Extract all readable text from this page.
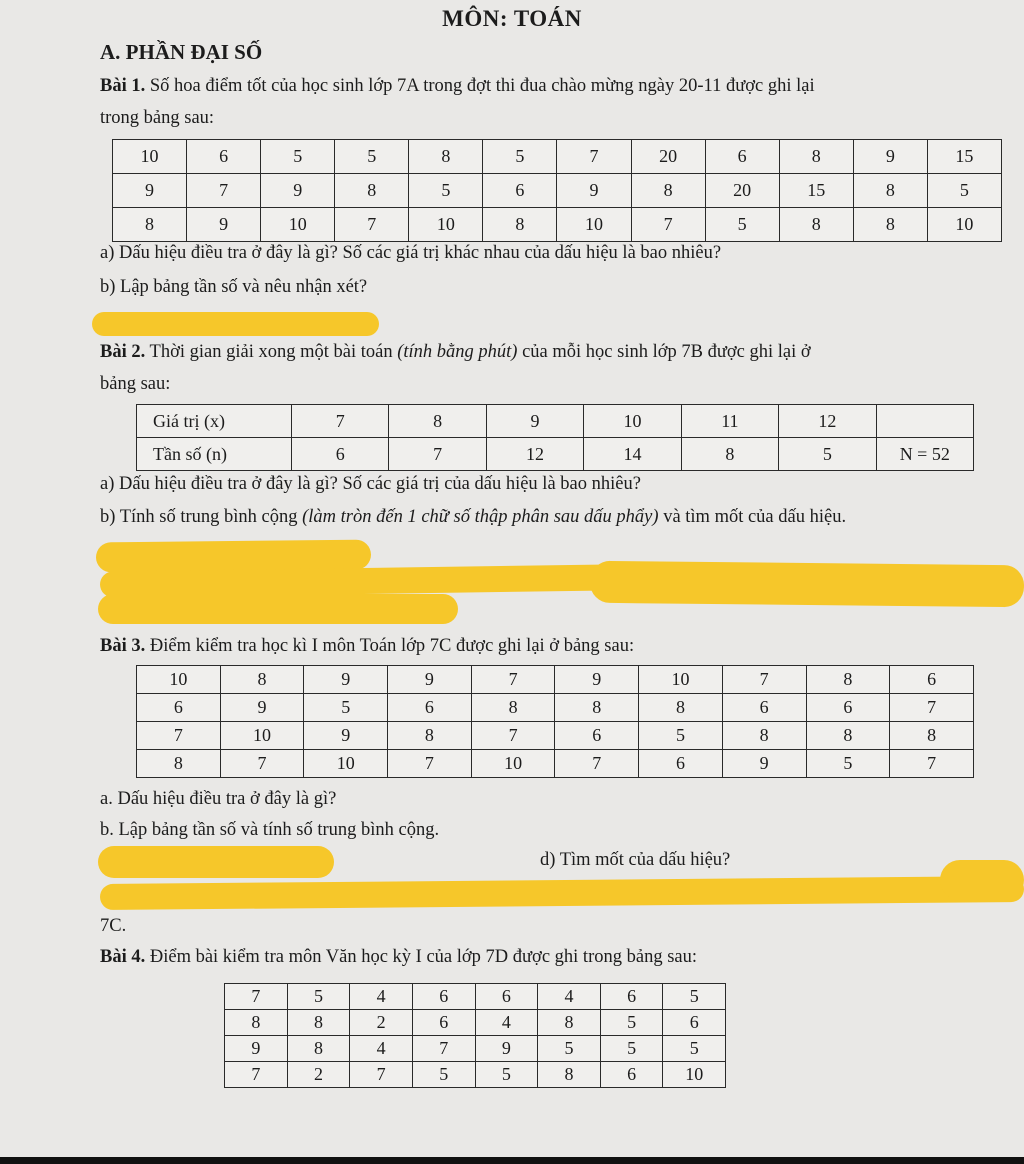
MÔN: TOÁN
A. PHẦN ĐẠI SỐ
Bài 1. Số hoa điểm tốt của học sinh lớp 7A trong đợt thi đua chào mừng ngày 20-11 được ghi lại
trong bảng sau:
10	6	5	5	8	5	7	20	6	8	9	15
9	7	9	8	5	6	9	8	20	15	8	5
8	9	10	7	10	8	10	7	5	8	8	10
a) Dấu hiệu điều tra ở đây là gì? Số các giá trị khác nhau của dấu hiệu là bao nhiêu?
b) Lập bảng tần số và nêu nhận xét?
Bài 2. Thời gian giải xong một bài toán (tính bằng phút) của mỗi học sinh lớp 7B được ghi lại ở
bảng sau:
Giá trị (x)	7	8	9	10	11	12	
Tần số (n)	6	7	12	14	8	5	N = 52
a) Dấu hiệu điều tra ở đây là gì? Số các giá trị của dấu hiệu là bao nhiêu?
b) Tính số trung bình cộng (làm tròn đến 1 chữ số thập phân sau dấu phẩy) và tìm mốt của dấu hiệu.
Bài 3. Điểm kiểm tra học kì I môn Toán lớp 7C được ghi lại ở bảng sau:
10	8	9	9	7	9	10	7	8	6
6	9	5	6	8	8	8	6	6	7
7	10	9	8	7	6	5	8	8	8
8	7	10	7	10	7	6	9	5	7
a. Dấu hiệu điều tra ở đây là gì?
b. Lập bảng tần số và tính số trung bình cộng.
d) Tìm mốt của dấu hiệu?
7C.
Bài 4. Điểm bài kiểm tra môn Văn học kỳ I của lớp 7D được ghi trong bảng sau:
7	5	4	6	6	4	6	5
8	8	2	6	4	8	5	6
9	8	4	7	9	5	5	5
7	2	7	5	5	8	6	10
